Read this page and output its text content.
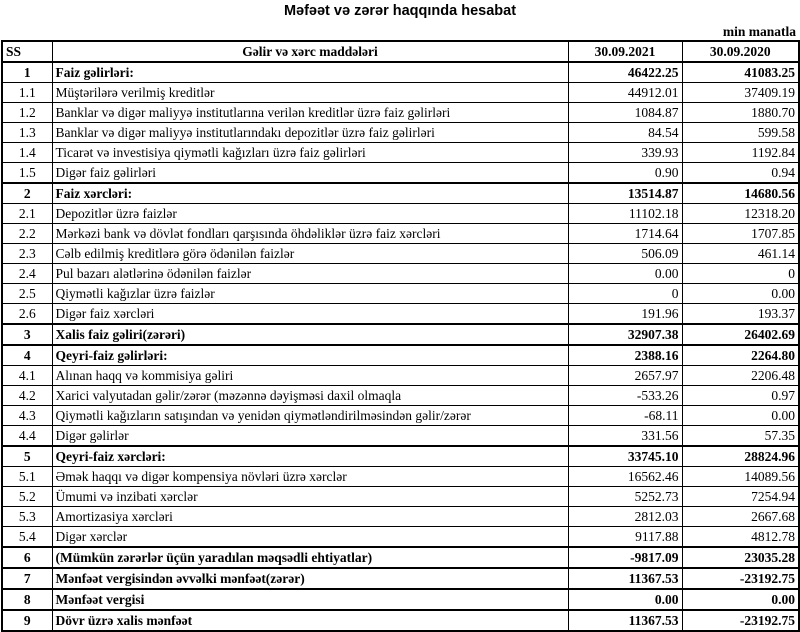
Məfəət və zərər haqqında hesabat
min manatla
SS	Gəlir və xərc maddələri	30.09.2021	30.09.2020
1	Faiz gəlirləri:	46422.25	41083.25
1.1	Müştərilərə verilmiş kreditlər	44912.01	37409.19
1.2	Banklar və digər maliyyə institutlarına verilən kreditlər üzrə faiz gəlirləri	1084.87	1880.70
1.3	Banklar və digər maliyyə institutlarındakı depozitlər üzrə faiz gəlirləri	84.54	599.58
1.4	Ticarət və investisiya qiymətli kağızları üzrə faiz gəlirləri	339.93	1192.84
1.5	Digər faiz gəlirləri	0.90	0.94
2	Faiz xərcləri:	13514.87	14680.56
2.1	Depozitlər üzrə faizlər	11102.18	12318.20
2.2	Mərkəzi bank və dövlət fondları qarşısında öhdəliklər üzrə faiz xərcləri	1714.64	1707.85
2.3	Cəlb edilmiş kreditlərə görə ödənilən faizlər	506.09	461.14
2.4	Pul bazarı alətlərinə ödənilən faizlər	0.00	0
2.5	Qiymətli kağızlar üzrə faizlər	0	0.00
2.6	Digər faiz xərcləri	191.96	193.37
3	Xalis faiz gəliri(zərəri)	32907.38	26402.69
4	Qeyri-faiz gəlirləri:	2388.16	2264.80
4.1	Alınan haqq və kommisiya gəliri	2657.97	2206.48
4.2	Xarici valyutadan gəlir/zərər (məzənnə dəyişməsi daxil olmaqla	-533.26	0.97
4.3	Qiymətli kağızların satışından və yenidən qiymətləndirilməsindən gəlir/zərər	-68.11	0.00
4.4	Digər gəlirlər	331.56	57.35
5	Qeyri-faiz xərcləri:	33745.10	28824.96
5.1	Əmək haqqı və digər kompensiya növləri üzrə xərclər	16562.46	14089.56
5.2	Ümumi və inzibati xərclər	5252.73	7254.94
5.3	Amortizasiya xərcləri	2812.03	2667.68
5.4	Digər xərclər	9117.88	4812.78
6	(Mümkün zərərlər üçün yaradılan məqsədli ehtiyatlar)	-9817.09	23035.28
7	Mənfəət vergisindən əvvəlki mənfəət(zərər)	11367.53	-23192.75
8	Mənfəət vergisi	0.00	0.00
9	Dövr üzrə xalis mənfəət	11367.53	-23192.75
